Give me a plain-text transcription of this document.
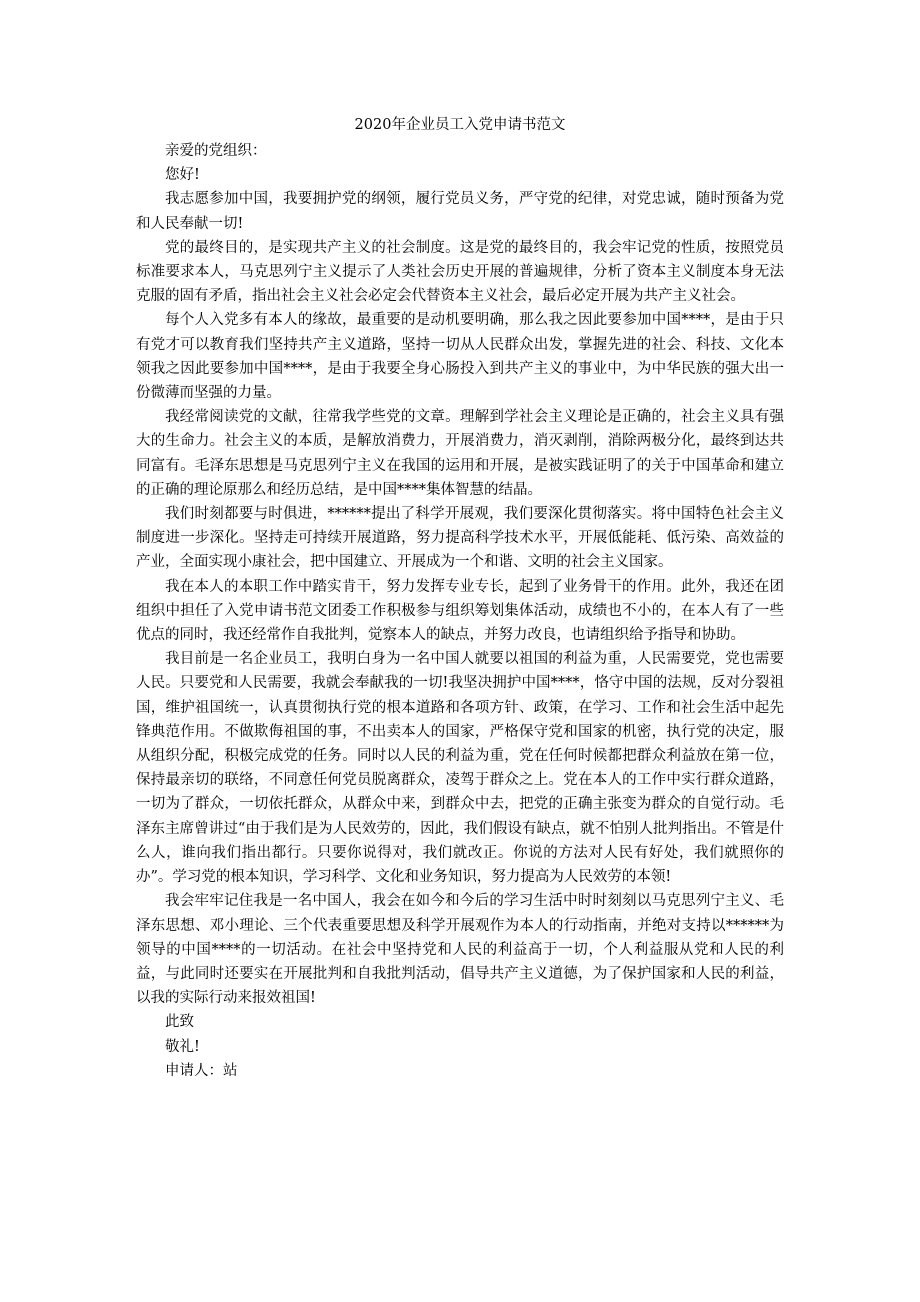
2020年企业员工入党申请书范文

亲爱的党组织：

您好!

我志愿参加中国，我要拥护党的纲领，履行党员义务，严守党的纪律，对党忠诚，随时预备为党和人民奉献一切!

党的最终目的，是实现共产主义的社会制度。这是党的最终目的，我会牢记党的性质，按照党员标准要求本人，马克思列宁主义提示了人类社会历史开展的普遍规律，分析了资本主义制度本身无法克服的固有矛盾，指出社会主义社会必定会代替资本主义社会，最后必定开展为共产主义社会。

每个人入党多有本人的缘故，最重要的是动机要明确，那么我之因此要参加中国****，是由于只有党才可以教育我们坚持共产主义道路，坚持一切从人民群众出发，掌握先进的社会、科技、文化本领我之因此要参加中国****，是由于我要全身心肠投入到共产主义的事业中，为中华民族的强大出一份微薄而坚强的力量。

我经常阅读党的文献，往常我学些党的文章。理解到学社会主义理论是正确的，社会主义具有强大的生命力。社会主义的本质，是解放消费力，开展消费力，消灭剥削，消除两极分化，最终到达共同富有。毛泽东思想是马克思列宁主义在我国的运用和开展，是被实践证明了的关于中国革命和建立的正确的理论原那么和经历总结，是中国****集体智慧的结晶。

我们时刻都要与时俱进，******提出了科学开展观，我们要深化贯彻落实。将中国特色社会主义制度进一步深化。坚持走可持续开展道路，努力提高科学技术水平，开展低能耗、低污染、高效益的产业，全面实现小康社会，把中国建立、开展成为一个和谐、文明的社会主义国家。

我在本人的本职工作中踏实肯干，努力发挥专业专长，起到了业务骨干的作用。此外，我还在团组织中担任了入党申请书范文团委工作积极参与组织筹划集体活动，成绩也不小的，在本人有了一些优点的同时，我还经常作自我批判，觉察本人的缺点，并努力改良，也请组织给予指导和协助。

我目前是一名企业员工，我明白身为一名中国人就要以祖国的利益为重，人民需要党，党也需要人民。只要党和人民需要，我就会奉献我的一切!我坚决拥护中国****，恪守中国的法规，反对分裂祖国，维护祖国统一，认真贯彻执行党的根本道路和各项方针、政策，在学习、工作和社会生活中起先锋典范作用。不做欺侮祖国的事，不出卖本人的国家，严格保守党和国家的机密，执行党的决定，服从组织分配，积极完成党的任务。同时以人民的利益为重，党在任何时候都把群众利益放在第一位，保持最亲切的联络，不同意任何党员脱离群众，凌驾于群众之上。党在本人的工作中实行群众道路，一切为了群众，一切依托群众，从群众中来，到群众中去，把党的正确主张变为群众的自觉行动。毛泽东主席曾讲过“由于我们是为人民效劳的，因此，我们假设有缺点，就不怕别人批判指出。不管是什么人，谁向我们指出都行。只要你说得对，我们就改正。你说的方法对人民有好处，我们就照你的办”。学习党的根本知识，学习科学、文化和业务知识，努力提高为人民效劳的本领!

我会牢牢记住我是一名中国人，我会在如今和今后的学习生活中时时刻刻以马克思列宁主义、毛泽东思想、邓小理论、三个代表重要思想及科学开展观作为本人的行动指南，并绝对支持以******为领导的中国****的一切活动。在社会中坚持党和人民的利益高于一切，个人利益服从党和人民的利益，与此同时还要实在开展批判和自我批判活动，倡导共产主义道德，为了保护国家和人民的利益，以我的实际行动来报效祖国!

此致

敬礼!

申请人：站
